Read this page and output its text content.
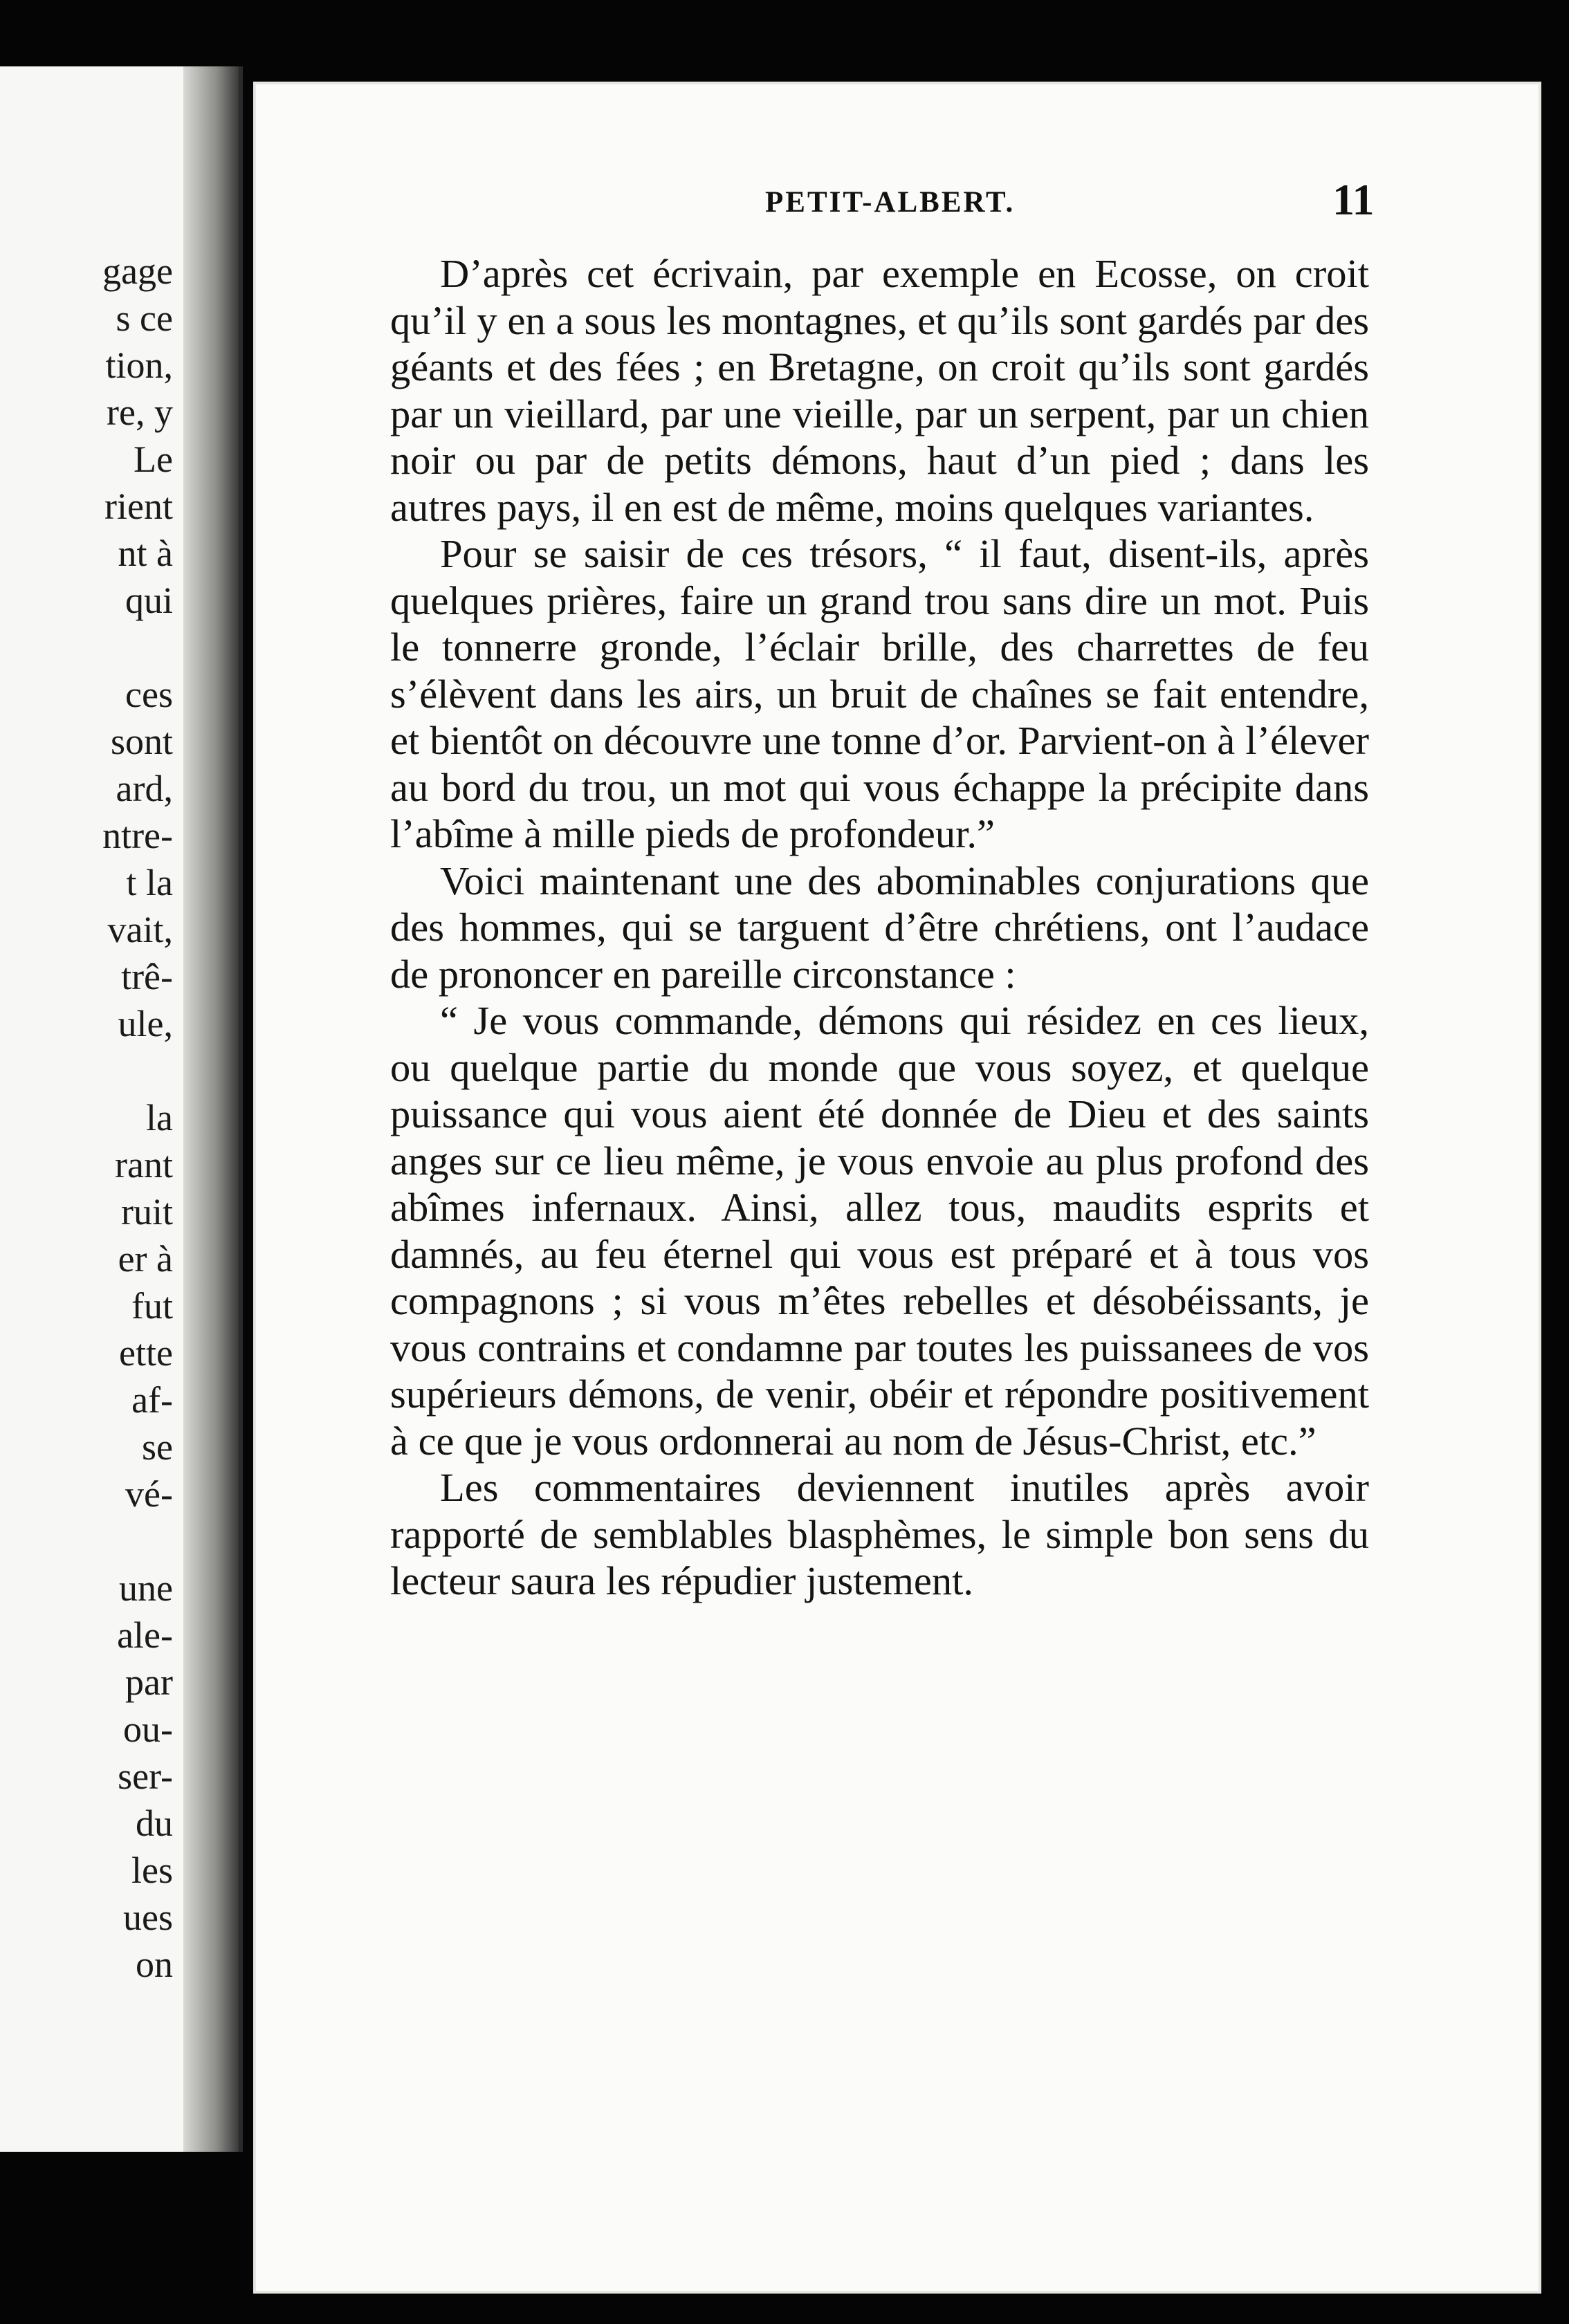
gage
s ce
tion,
re, y
Le
rient
nt à
qui
ces
sont
ard,
ntre-
t la
vait,
trê-
ule,
la
rant
ruit
er à
fut
ette
af-
se
vé-
une
ale-
par
ou-
ser-
du
les
ues
on
PETIT-ALBERT.	11

D’après cet écrivain, par exemple en Ecosse, on croit qu’il y en a sous les montagnes, et qu’ils sont gardés par des géants et des fées ; en Bretagne, on croit qu’ils sont gardés par un vieillard, par une vieille, par un serpent, par un chien noir ou par de petits démons, haut d’un pied ; dans les autres pays, il en est de même, moins quelques variantes.

Pour se saisir de ces trésors, “ il faut, disent-ils, après quelques prières, faire un grand trou sans dire un mot. Puis le tonnerre gronde, l’éclair brille, des charrettes de feu s’élèvent dans les airs, un bruit de chaînes se fait entendre, et bientôt on découvre une tonne d’or. Parvient-on à l’élever au bord du trou, un mot qui vous échappe la précipite dans l’abîme à mille pieds de profondeur.”

Voici maintenant une des abominables conjurations que des hommes, qui se targuent d’être chrétiens, ont l’audace de prononcer en pareille circonstance :

“ Je vous commande, démons qui résidez en ces lieux, ou quelque partie du monde que vous soyez, et quelque puissance qui vous aient été donnée de Dieu et des saints anges sur ce lieu même, je vous envoie au plus profond des abîmes infernaux. Ainsi, allez tous, maudits esprits et damnés, au feu éternel qui vous est préparé et à tous vos compagnons ; si vous m’êtes rebelles et désobéissants, je vous contrains et condamne par toutes les puissanees de vos supérieurs démons, de venir, obéir et répondre positivement à ce que je vous ordonnerai au nom de Jésus-Christ, etc.”

Les commentaires deviennent inutiles après avoir rapporté de semblables blasphèmes, le simple bon sens du lecteur saura les répudier justement.
